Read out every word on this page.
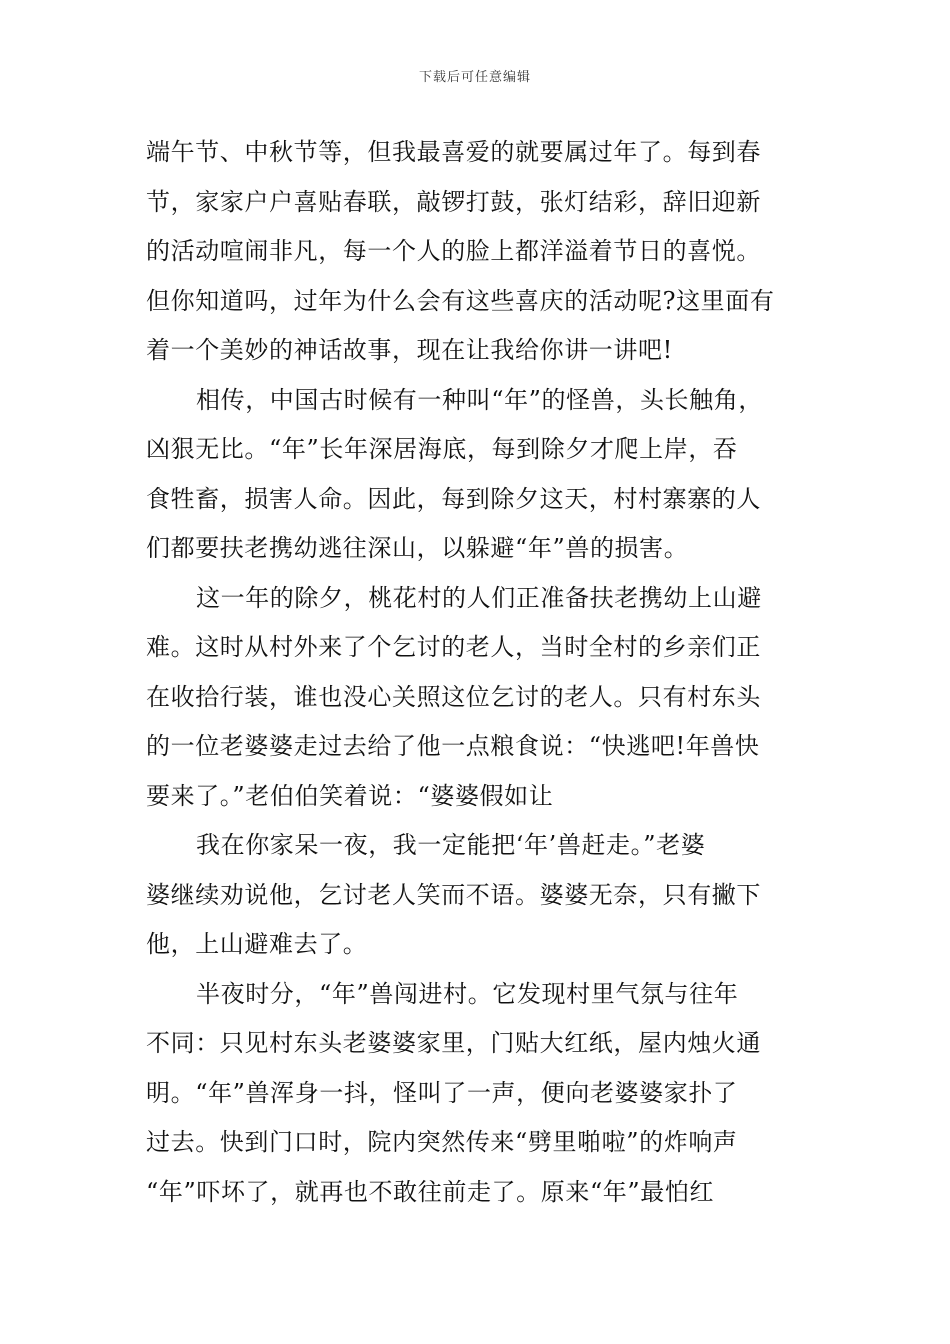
下载后可任意编辑
端午节、中秋节等，但我最喜爱的就要属过年了。每到春
节，家家户户喜贴春联，敲锣打鼓，张灯结彩，辞旧迎新
的活动喧闹非凡，每一个人的脸上都洋溢着节日的喜悦。
但你知道吗，过年为什么会有这些喜庆的活动呢?这里面有
着一个美妙的神话故事，现在让我给你讲一讲吧!
相传，中国古时候有一种叫“年”的怪兽，头长触角，
凶狠无比。“年”长年深居海底，每到除夕才爬上岸，吞
食牲畜，损害人命。因此，每到除夕这天，村村寨寨的人
们都要扶老携幼逃往深山，以躲避“年”兽的损害。
这一年的除夕，桃花村的人们正准备扶老携幼上山避
难。这时从村外来了个乞讨的老人，当时全村的乡亲们正
在收拾行装，谁也没心关照这位乞讨的老人。只有村东头
的一位老婆婆走过去给了他一点粮食说：“快逃吧!年兽快
要来了。”老伯伯笑着说：“婆婆假如让
我在你家呆一夜，我一定能把‘年’兽赶走。”老婆
婆继续劝说他，乞讨老人笑而不语。婆婆无奈，只有撇下
他，上山避难去了。
半夜时分，“年”兽闯进村。它发现村里气氛与往年
不同：只见村东头老婆婆家里，门贴大红纸，屋内烛火通
明。“年”兽浑身一抖，怪叫了一声，便向老婆婆家扑了
过去。快到门口时，院内突然传来“劈里啪啦”的炸响声
“年”吓坏了，就再也不敢往前走了。原来“年”最怕红
